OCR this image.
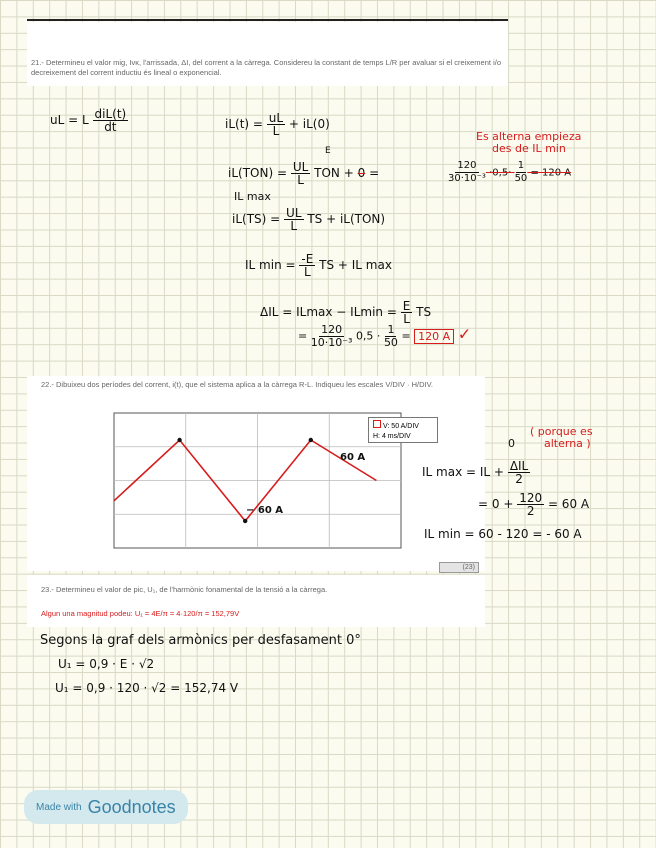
21.- Determineu el valor mig, Ivκ, l'arrissada, ΔI, del corrent a la càrrega. Considereu la constant de temps L/R per avaluar si el creixement i/o decreixement del corrent inductiu és lineal o exponencial.
uL = L $\frac{\text{diL(t)}}{dt}$	$iL(t) = \frac{uL}{L} + iL(0)$
E
$iL(TON) = \frac{UL}{L}$ TON + 0 =	$\frac{120}{\text{30·10⁻³}} \cdot 0,5\cdot \frac{1}{50} = 120$ A
Es alterna empieza
des de IL min
IL max
$iL(TS) = \frac{UL}{L}$ TS + iL(TON)
IL $\min = \frac{-E}{L}$ TS + IL max
$\Delta IL = ILmax - ILmin = \frac{E}{L}$ TS
= $\frac{120}{\text{10·10⁻³}} 0,5 \cdot \frac{1}{50} = 120$ A ✓
22.- Dibuixeu dos períodes del corrent, i(t), que el sistema aplica a la càrrega R-L. Indiqueu les escales V/DIV · H/DIV.
(23)
V: 50 A/DIV
H: 4 ms/DIV
60 A
− 60 A
0
( porque es
alterna )
IL max = IL + $\frac{\text{ΔIL}}{2}$
= $0 + \frac{120}{2} = 60$ A
IL min = 60 - 120 = - 60 A
23.- Determineu el valor de pic, U₁, de l'harmònic fonamental de la tensió a la càrrega.
Algun una magnitud podeu: U₁ = 4E/π = 4·120/π = 152,79V
Segons la graf dels armònics per desfasament 0°
U₁ = 0,9 · E · √2
U₁ = 0,9 · 120 · √2 = 152,74 V
Made with Goodnotes
